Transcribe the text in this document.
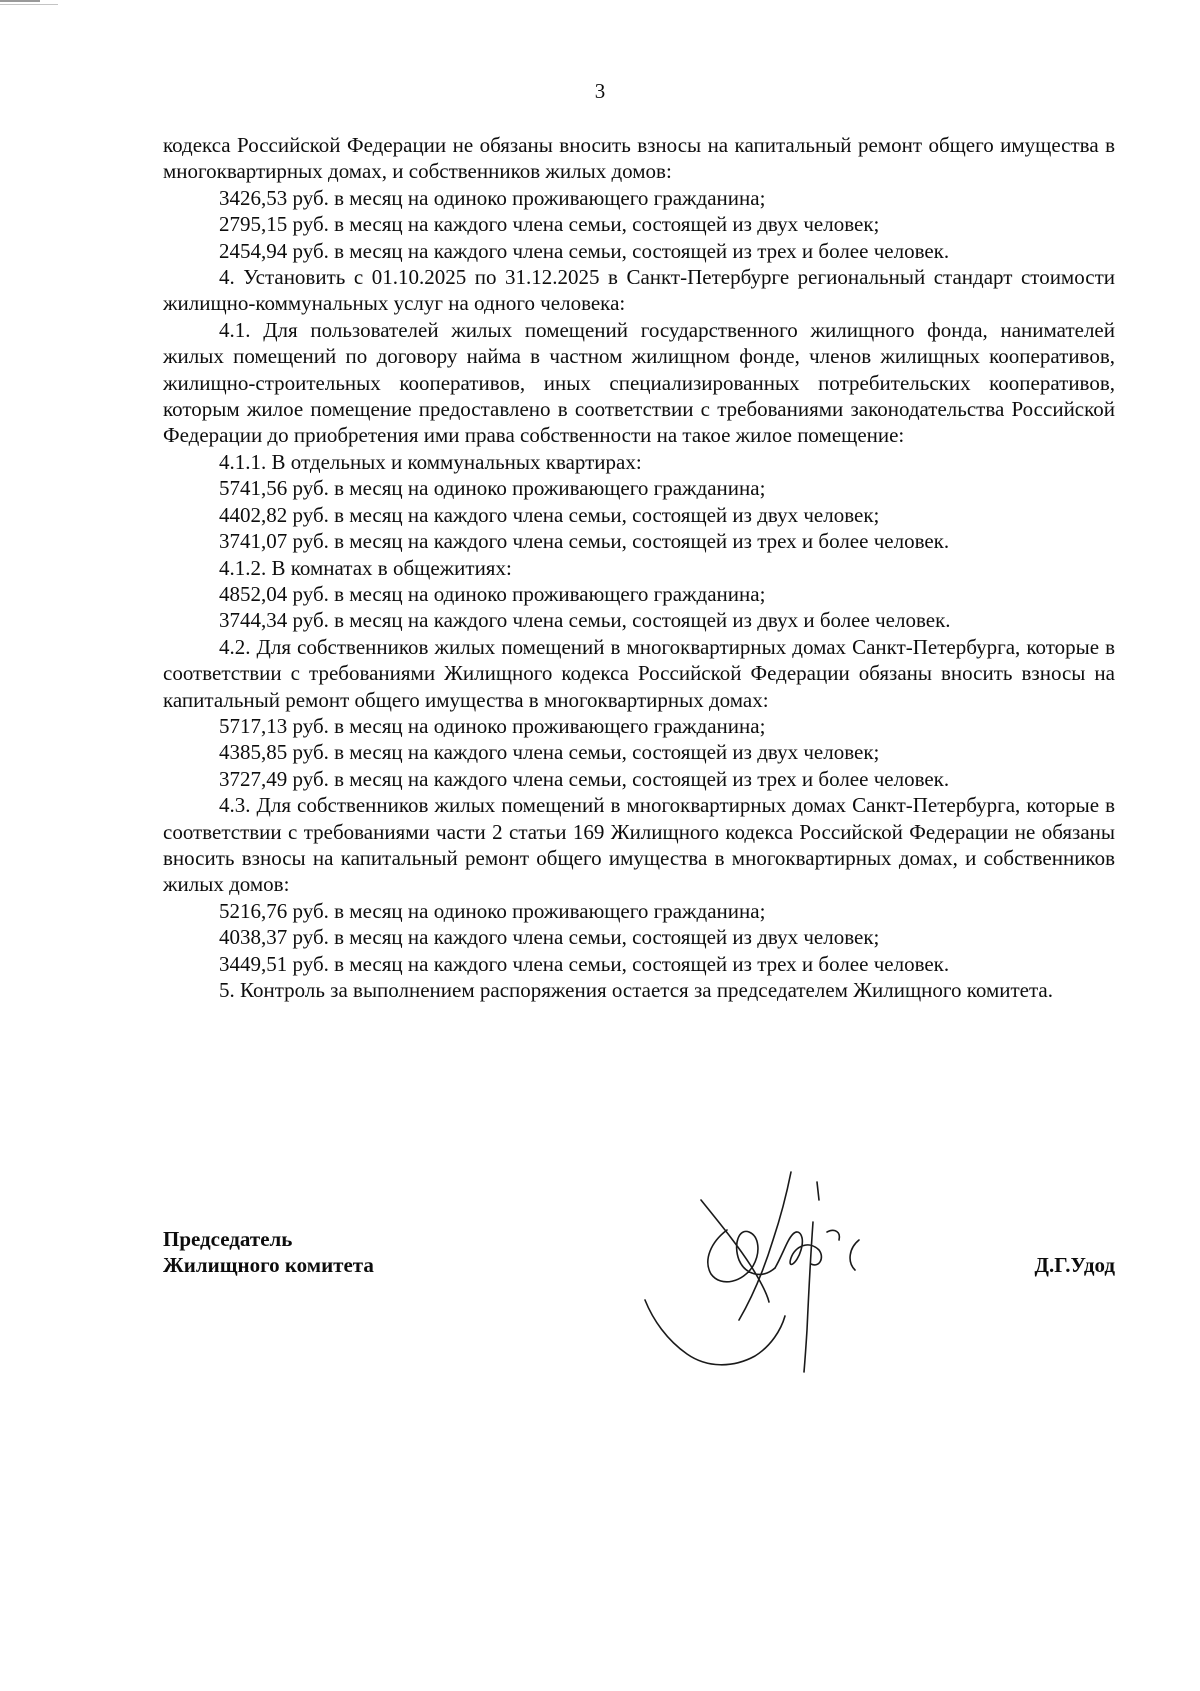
3

кодекса Российской Федерации не обязаны вносить взносы на капитальный ремонт общего имущества в многоквартирных домах, и собственников жилых домов:

3426,53 руб. в месяц на одиноко проживающего гражданина;

2795,15 руб. в месяц на каждого члена семьи, состоящей из двух человек;

2454,94 руб. в месяц на каждого члена семьи, состоящей из трех и более человек.

4. Установить с 01.10.2025 по 31.12.2025 в Санкт-Петербурге региональный стандарт стоимости жилищно-коммунальных услуг на одного человека:

4.1. Для пользователей жилых помещений государственного жилищного фонда, нанимателей жилых помещений по договору найма в частном жилищном фонде, членов жилищных кооперативов, жилищно-строительных кооперативов, иных специализированных потребительских кооперативов, которым жилое помещение предоставлено в соответствии с требованиями законодательства Российской Федерации до приобретения ими права собственности на такое жилое помещение:

4.1.1. В отдельных и коммунальных квартирах:

5741,56 руб. в месяц на одиноко проживающего гражданина;

4402,82 руб. в месяц на каждого члена семьи, состоящей из двух человек;

3741,07 руб. в месяц на каждого члена семьи, состоящей из трех и более человек.

4.1.2. В комнатах в общежитиях:

4852,04 руб. в месяц на одиноко проживающего гражданина;

3744,34 руб. в месяц на каждого члена семьи, состоящей из двух и более человек.

4.2. Для собственников жилых помещений в многоквартирных домах Санкт-Петербурга, которые в соответствии с требованиями Жилищного кодекса Российской Федерации обязаны вносить взносы на капитальный ремонт общего имущества в многоквартирных домах:

5717,13 руб. в месяц на одиноко проживающего гражданина;

4385,85 руб. в месяц на каждого члена семьи, состоящей из двух человек;

3727,49 руб. в месяц на каждого члена семьи, состоящей из трех и более человек.

4.3. Для собственников жилых помещений в многоквартирных домах Санкт-Петербурга, которые в соответствии с требованиями части 2 статьи 169 Жилищного кодекса Российской Федерации не обязаны вносить взносы на капитальный ремонт общего имущества в многоквартирных домах, и собственников жилых домов:

5216,76 руб. в месяц на одиноко проживающего гражданина;

4038,37 руб. в месяц на каждого члена семьи, состоящей из двух человек;

3449,51 руб. в месяц на каждого члена семьи, состоящей из трех и более человек.

5. Контроль за выполнением распоряжения остается за председателем Жилищного комитета.

Председатель
Жилищного комитета	Д.Г.Удод
